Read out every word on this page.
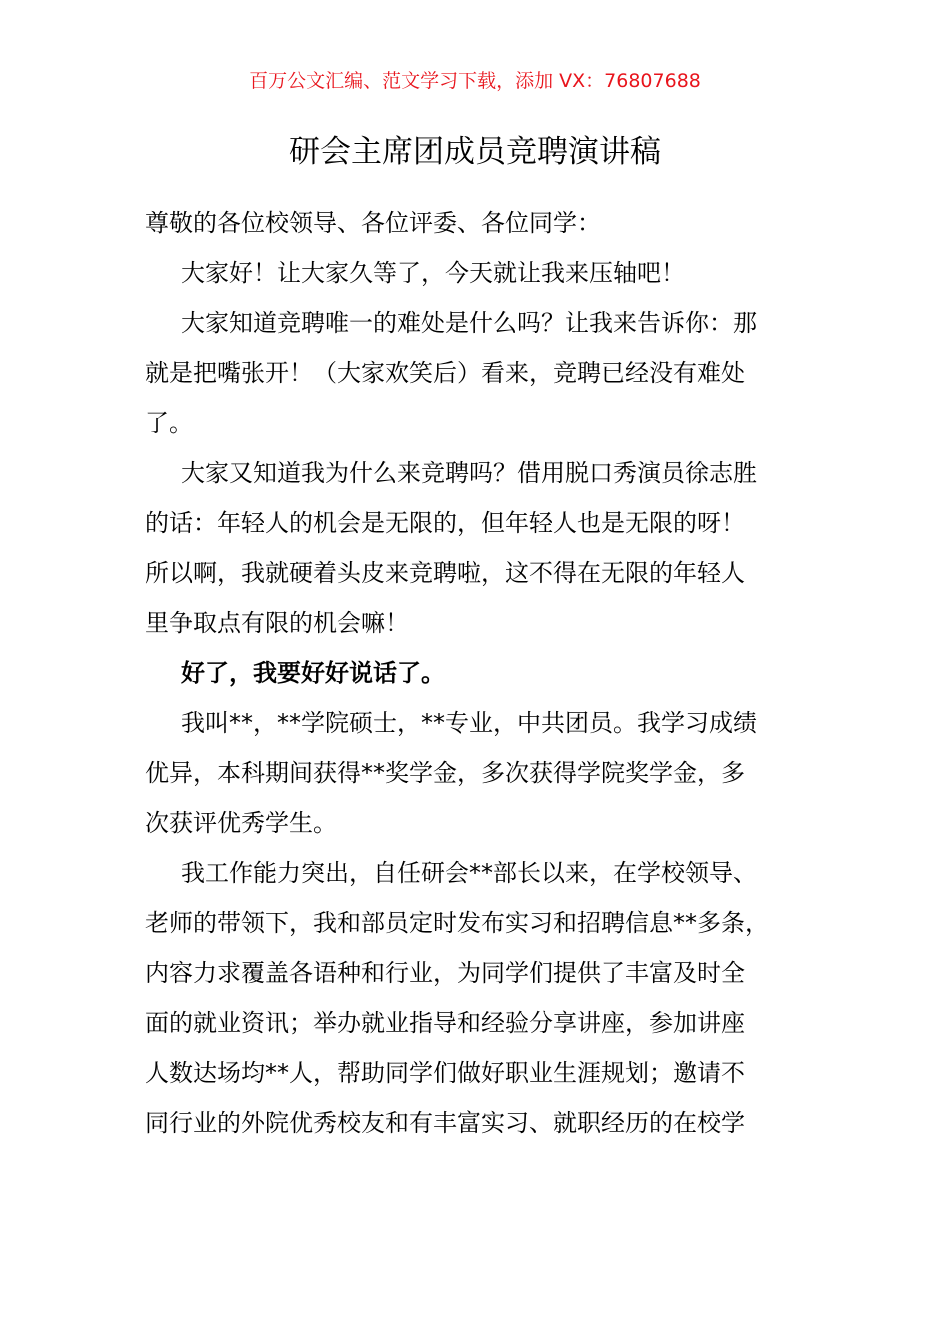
百万公文汇编、范文学习下载，添加 VX：76807688
研会主席团成员竞聘演讲稿

尊敬的各位校领导、各位评委、各位同学：

大家好！让大家久等了，今天就让我来压轴吧！

大家知道竞聘唯一的难处是什么吗？让我来告诉你：那
就是把嘴张开！（大家欢笑后）看来，竞聘已经没有难处
了。

大家又知道我为什么来竞聘吗？借用脱口秀演员徐志胜
的话：年轻人的机会是无限的，但年轻人也是无限的呀！
所以啊，我就硬着头皮来竞聘啦，这不得在无限的年轻人
里争取点有限的机会嘛！

好了，我要好好说话了。

我叫**，**学院硕士，**专业，中共团员。我学习成绩
优异，本科期间获得**奖学金，多次获得学院奖学金，多
次获评优秀学生。

我工作能力突出，自任研会**部长以来，在学校领导、
老师的带领下，我和部员定时发布实习和招聘信息**多条，
内容力求覆盖各语种和行业，为同学们提供了丰富及时全
面的就业资讯；举办就业指导和经验分享讲座，参加讲座
人数达场均**人，帮助同学们做好职业生涯规划；邀请不
同行业的外院优秀校友和有丰富实习、就职经历的在校学
